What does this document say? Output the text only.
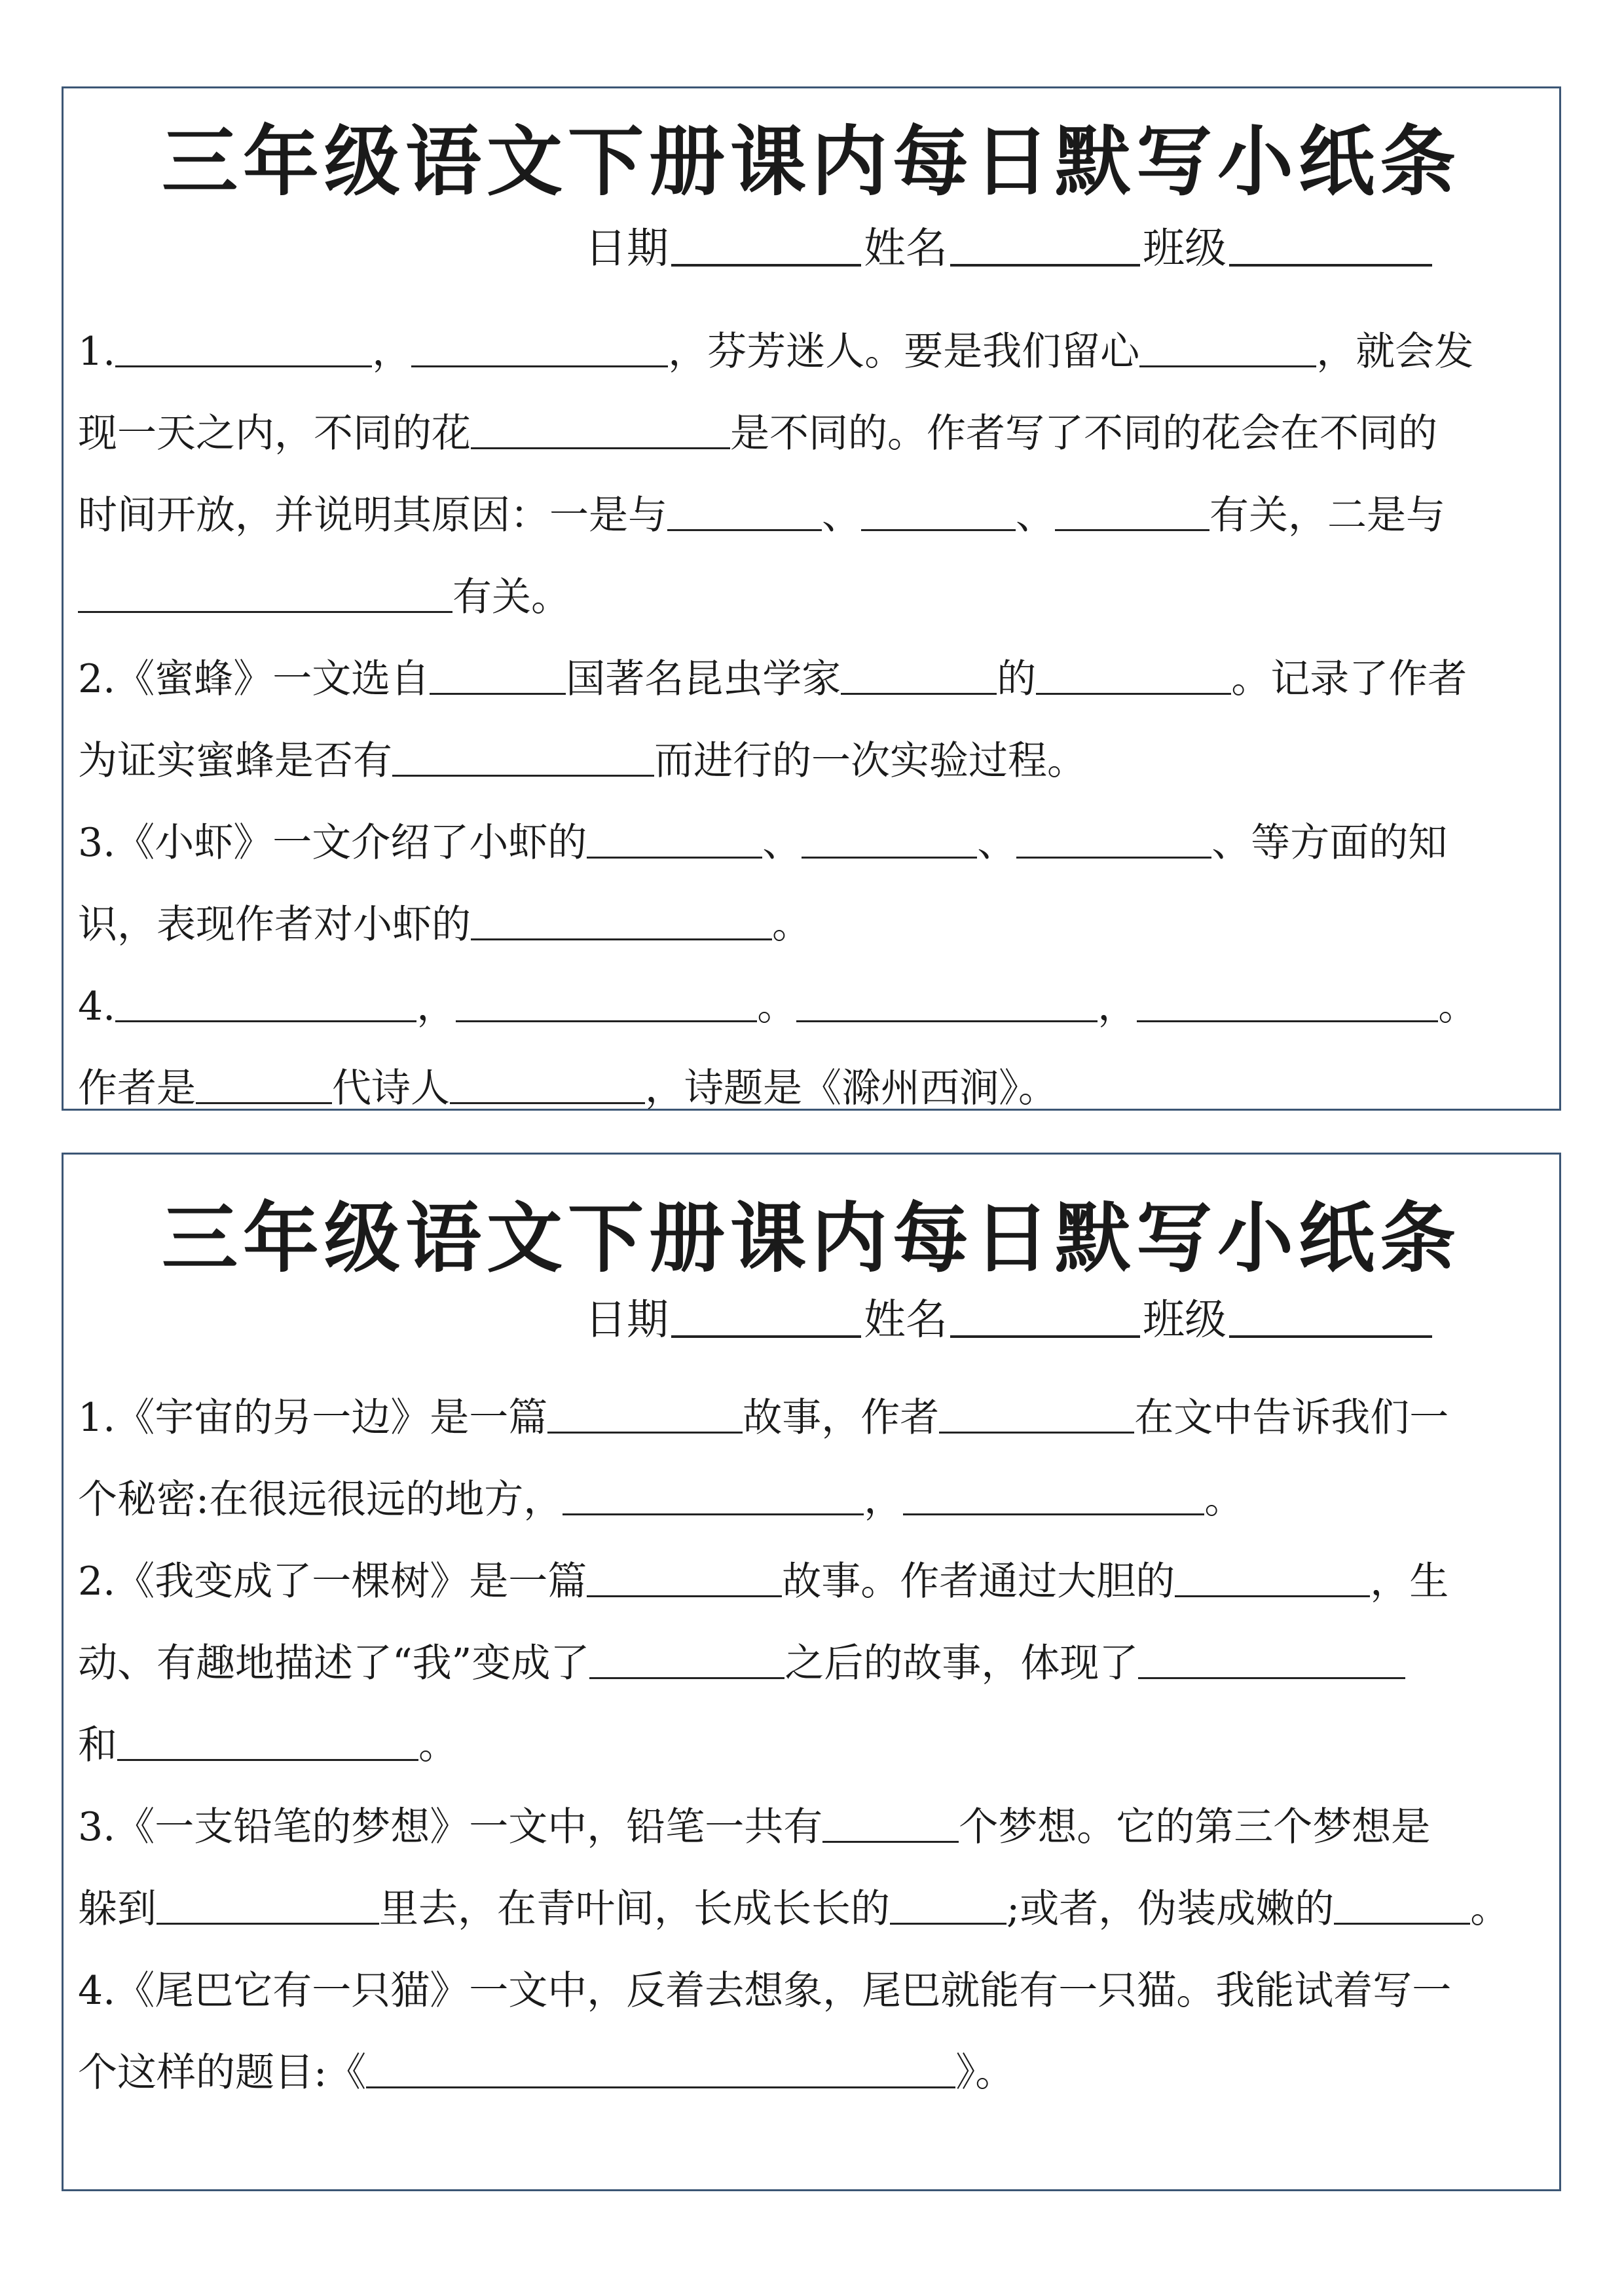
三年级语文下册课内每日默写小纸条
日期	姓名	班级
1.	，	，芬芳迷人。要是我们留心	，就会发
现一天之内，不同的花	是不同的。作者写了不同的花会在不同的
时间开放，并说明其原因：一是与	、	、	有关，二是与
有关。
2.《蜜蜂》一文选自	国著名昆虫学家	的	。记录了作者
为证实蜜蜂是否有	而进行的一次实验过程。
3.《小虾》一文介绍了小虾的	、	、	、等方面的知
识，表现作者对小虾的	。
4.	，	。	，	。
作者是	代诗人	，诗题是《滁州西涧》。
三年级语文下册课内每日默写小纸条
日期	姓名	班级
1.《宇宙的另一边》是一篇	故事，作者	在文中告诉我们一
个秘密:在很远很远的地方，	，	。
2.《我变成了一棵树》是一篇	故事。作者通过大胆的	，生
动、有趣地描述了“我”变成了	之后的故事，体现了
和	。
3.《一支铅笔的梦想》一文中，铅笔一共有	个梦想。它的第三个梦想是
躲到	里去，在青叶间，长成长长的	;或者，伪装成嫩的	。
4.《尾巴它有一只猫》一文中，反着去想象，尾巴就能有一只猫。我能试着写一
个这样的题目:《	》。
